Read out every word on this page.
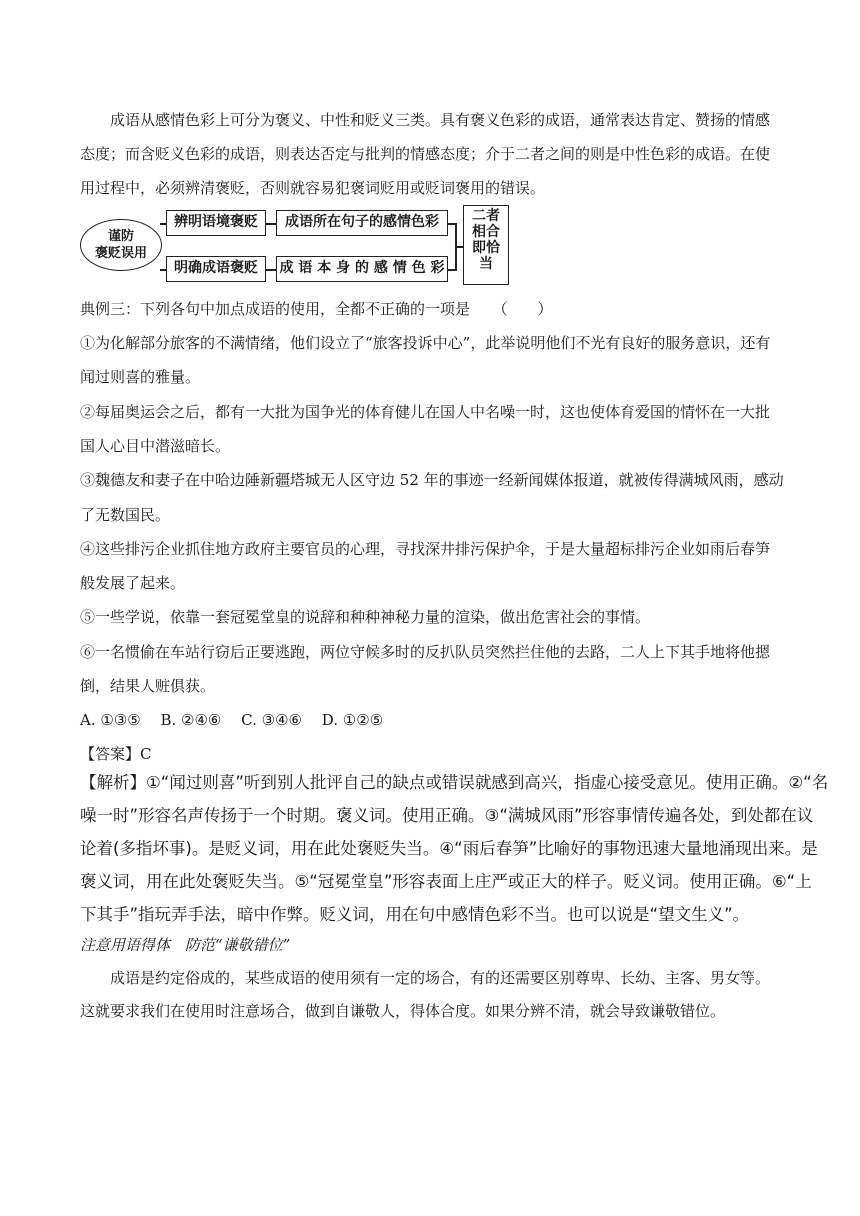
成语从感情色彩上可分为褒义、中性和贬义三类。具有褒义色彩的成语，通常表达肯定、赞扬的情感
态度；而含贬义色彩的成语，则表达否定与批判的情感态度；介于二者之间的则是中性色彩的成语。在使
用过程中，必须辨清褒贬，否则就容易犯褒词贬用或贬词褒用的错误。
谨防
褒贬误用
辨明语境褒贬	成语所在句子的感情色彩
明确成语褒贬	成 语 本 身 的 感 情 色 彩
二者
相合
即恰
当
典例三：下列各句中加点成语的使用，全都不正确的一项是　　（　　）
①为化解部分旅客的不满情绪，他们设立了“旅客投诉中心”，此举说明他们不光有良好的服务意识，还有
闻过则喜的雅量。
②每届奥运会之后，都有一大批为国争光的体育健儿在国人中名噪一时，这也使体育爱国的情怀在一大批
国人心目中潜滋暗长。
③魏德友和妻子在中哈边陲新疆塔城无人区守边 52 年的事迹一经新闻媒体报道，就被传得满城风雨，感动
了无数国民。
④这些排污企业抓住地方政府主要官员的心理，寻找深井排污保护伞，于是大量超标排污企业如雨后春笋
般发展了起来。
⑤一些学说，依靠一套冠冕堂皇的说辞和种种神秘力量的渲染，做出危害社会的事情。
⑥一名惯偷在车站行窃后正要逃跑，两位守候多时的反扒队员突然拦住他的去路，二人上下其手地将他摁
倒，结果人赃俱获。
A. ①③⑤　 B. ②④⑥　 C. ③④⑥　 D. ①②⑤
【答案】C
【解析】①“闻过则喜”听到别人批评自己的缺点或错误就感到高兴，指虚心接受意见。使用正确。②“名
噪一时”形容名声传扬于一个时期。褒义词。使用正确。③“满城风雨”形容事情传遍各处，到处都在议
论着(多指坏事)。是贬义词，用在此处褒贬失当。④“雨后春笋”比喻好的事物迅速大量地涌现出来。是
褒义词，用在此处褒贬失当。⑤“冠冕堂皇”形容表面上庄严或正大的样子。贬义词。使用正确。⑥“上
下其手”指玩弄手法，暗中作弊。贬义词，用在句中感情色彩不当。也可以说是“望文生义”。
注意用语得体　防范“谦敬错位”
成语是约定俗成的，某些成语的使用须有一定的场合，有的还需要区别尊卑、长幼、主客、男女等。
这就要求我们在使用时注意场合，做到自谦敬人，得体合度。如果分辨不清，就会导致谦敬错位。
